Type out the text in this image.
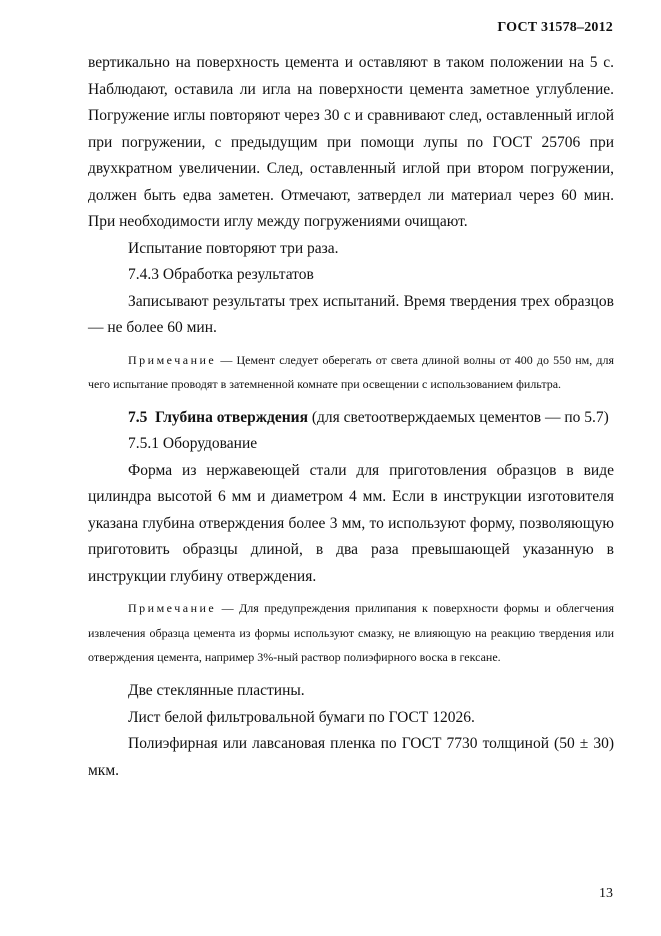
ГОСТ 31578–2012

вертикально на поверхность цемента и оставляют в таком положении на 5 с. Наблюдают, оставила ли игла на поверхности цемента заметное углубление. Погружение иглы повторяют через 30 с и сравнивают след, оставленный иглой при погружении, с предыдущим при помощи лупы по ГОСТ 25706 при двухкратном увеличении. След, оставленный иглой при втором погружении, должен быть едва заметен. Отмечают, затвердел ли материал через 60 мин. При необходимости иглу между погружениями очищают.

Испытание повторяют три раза.

7.4.3 Обработка результатов

Записывают результаты трех испытаний. Время твердения трех образцов — не более 60 мин.

Примечание — Цемент следует оберегать от света длиной волны от 400 до 550 нм, для чего испытание проводят в затемненной комнате при освещении с использованием фильтра.

7.5 Глубина отверждения (для светоотверждаемых цементов — по 5.7)

7.5.1 Оборудование

Форма из нержавеющей стали для приготовления образцов в виде цилиндра высотой 6 мм и диаметром 4 мм. Если в инструкции изготовителя указана глубина отверждения более 3 мм, то используют форму, позволяющую приготовить образцы длиной, в два раза превышающей указанную в инструкции глубину отверждения.

Примечание — Для предупреждения прилипания к поверхности формы и облегчения извлечения образца цемента из формы используют смазку, не влияющую на реакцию твердения или отверждения цемента, например 3%-ный раствор полиэфирного воска в гексане.

Две стеклянные пластины.

Лист белой фильтровальной бумаги по ГОСТ 12026.

Полиэфирная или лавсановая пленка по ГОСТ 7730 толщиной (50 ± 30) мкм.

13
